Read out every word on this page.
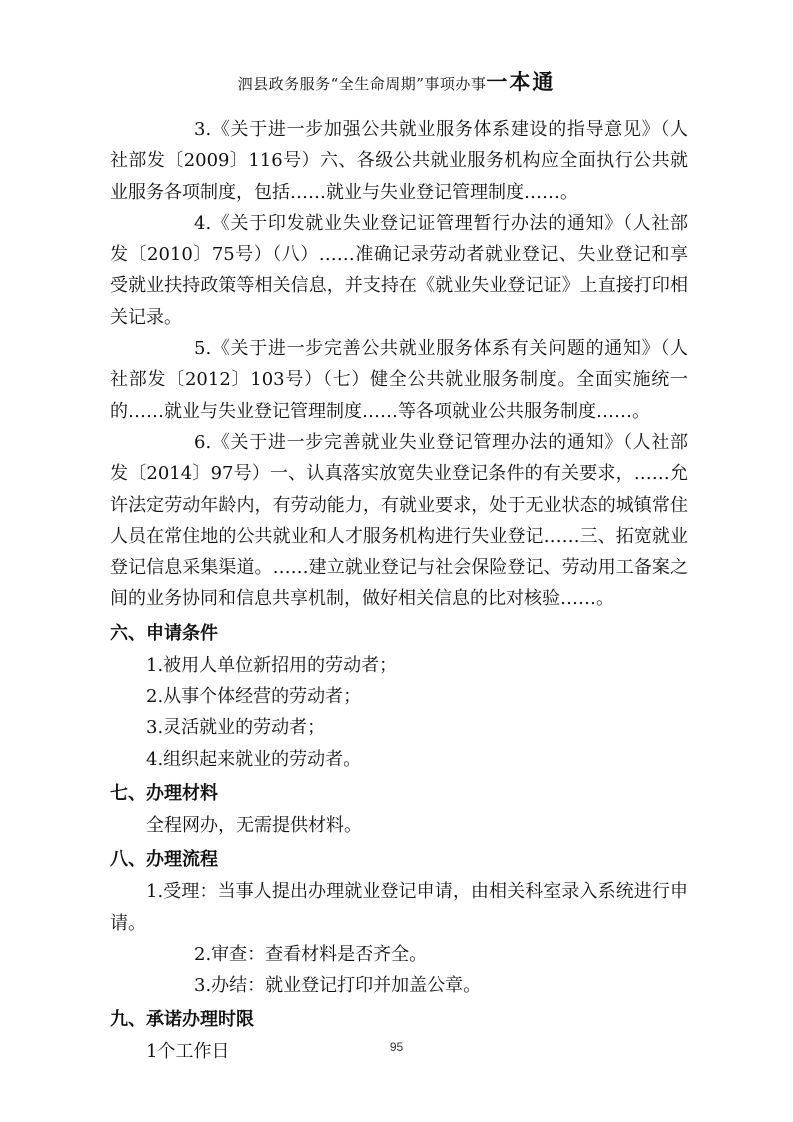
泗县政务服务“全生命周期”事项办事一本通

3.《关于进一步加强公共就业服务体系建设的指导意见》（人社部发〔2009〕116号）六、各级公共就业服务机构应全面执行公共就业服务各项制度，包括……就业与失业登记管理制度……。

4.《关于印发就业失业登记证管理暂行办法的通知》（人社部发〔2010〕75号）（八）……准确记录劳动者就业登记、失业登记和享受就业扶持政策等相关信息，并支持在《就业失业登记证》上直接打印相关记录。

5.《关于进一步完善公共就业服务体系有关问题的通知》（人社部发〔2012〕103号）（七）健全公共就业服务制度。全面实施统一的……就业与失业登记管理制度……等各项就业公共服务制度……。

6.《关于进一步完善就业失业登记管理办法的通知》（人社部发〔2014〕97号）一、认真落实放宽失业登记条件的有关要求，……允许法定劳动年龄内，有劳动能力，有就业要求，处于无业状态的城镇常住人员在常住地的公共就业和人才服务机构进行失业登记……三、拓宽就业登记信息采集渠道。……建立就业登记与社会保险登记、劳动用工备案之间的业务协同和信息共享机制，做好相关信息的比对核验……。

六、申请条件

1.被用人单位新招用的劳动者；

2.从事个体经营的劳动者；

3.灵活就业的劳动者；

4.组织起来就业的劳动者。

七、办理材料

全程网办，无需提供材料。

八、办理流程

1.受理：当事人提出办理就业登记申请，由相关科室录入系统进行申请。

2.审查：查看材料是否齐全。

3.办结：就业登记打印并加盖公章。

九、承诺办理时限

1个工作日	95
